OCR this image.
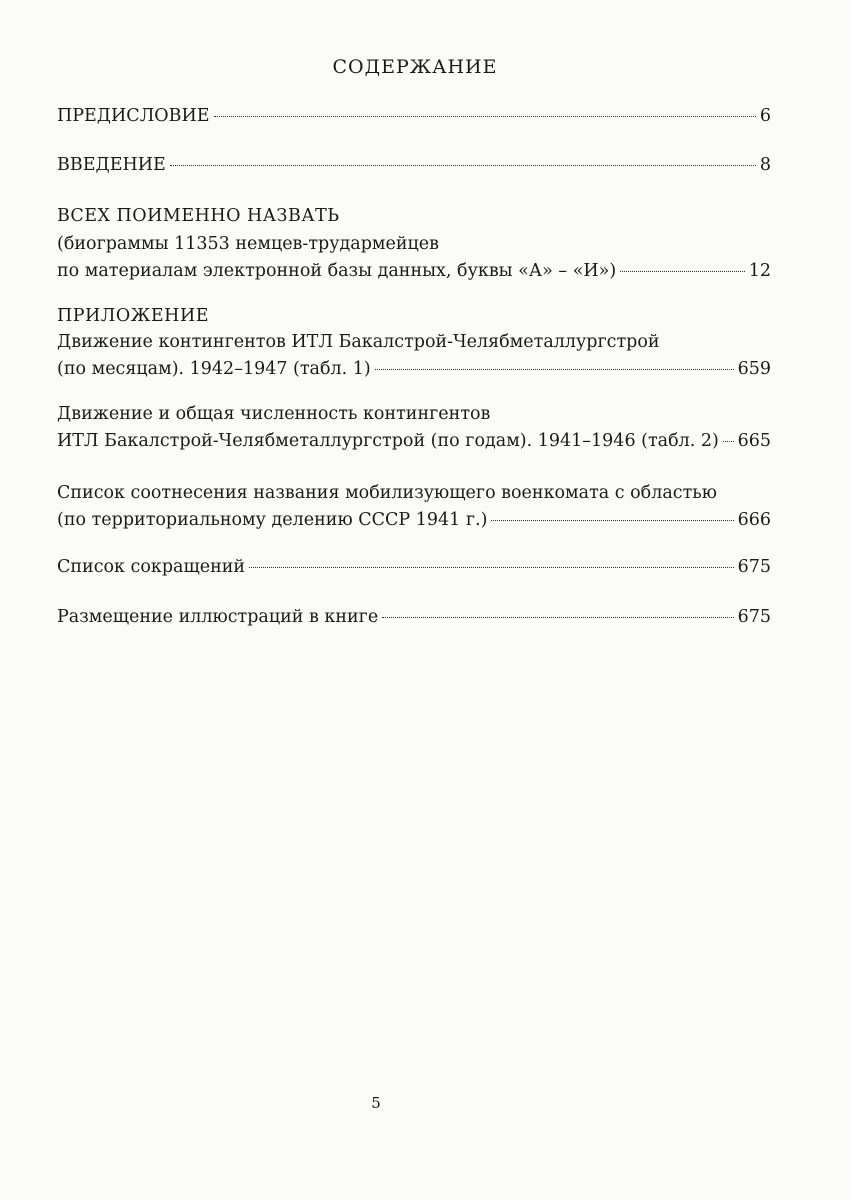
СОДЕРЖАНИЕ
ПРЕДИСЛОВИЕ	6
ВВЕДЕНИЕ	8
ВСЕХ ПОИМЕННО НАЗВАТЬ
(биограммы 11353 немцев-трудармейцев
по материалам электронной базы данных, буквы «А» – «И»)	12
ПРИЛОЖЕНИЕ
Движение контингентов ИТЛ Бакалстрой-Челябметаллургстрой
(по месяцам). 1942–1947 (табл. 1)	659
Движение и общая численность контингентов
ИТЛ Бакалстрой-Челябметаллургстрой (по годам). 1941–1946 (табл. 2) 665
Список соотнесения названия мобилизующего военкомата с областью
(по территориальному делению СССР 1941 г.)	666
Список сокращений	675
Размещение иллюстраций в книге	675
5
